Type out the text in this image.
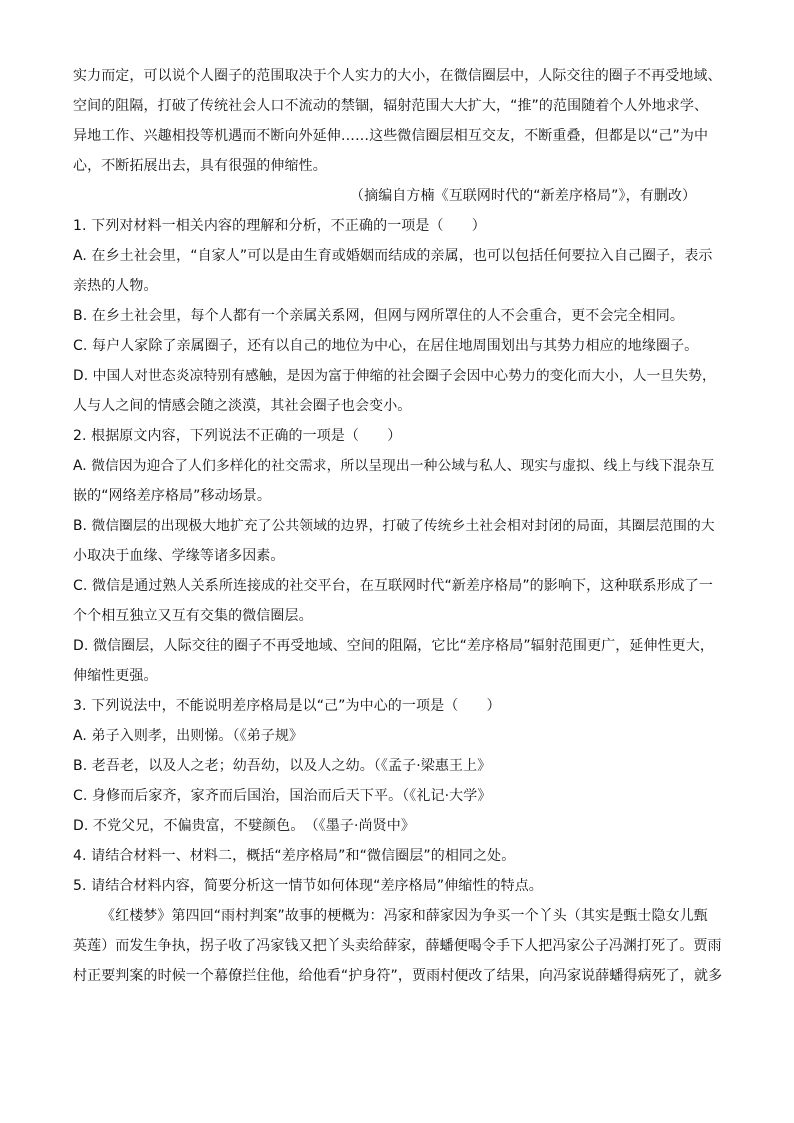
实力而定，可以说个人圈子的范围取决于个人实力的大小，在微信圈层中，人际交往的圈子不再受地域、
空间的阻隔，打破了传统社会人口不流动的禁锢，辐射范围大大扩大，“推”的范围随着个人外地求学、
异地工作、兴趣相投等机遇而不断向外延伸……这些微信圈层相互交友，不断重叠，但都是以“己”为中
心，不断拓展出去，具有很强的伸缩性。
（摘编自方楠《互联网时代的“新差序格局”》，有删改）
1. 下列对材料一相关内容的理解和分析，不正确的一项是（　　）
A. 在乡土社会里，“自家人”可以是由生育或婚姻而结成的亲属，也可以包括任何要拉入自己圈子，表示
亲热的人物。
B. 在乡土社会里，每个人都有一个亲属关系网，但网与网所罩住的人不会重合，更不会完全相同。
C. 每户人家除了亲属圈子，还有以自己的地位为中心，在居住地周围划出与其势力相应的地缘圈子。
D. 中国人对世态炎凉特别有感触，是因为富于伸缩的社会圈子会因中心势力的变化而大小，人一旦失势，
人与人之间的情感会随之淡漠，其社会圈子也会变小。
2. 根据原文内容，下列说法不正确的一项是（　　）
A. 微信因为迎合了人们多样化的社交需求，所以呈现出一种公域与私人、现实与虚拟、线上与线下混杂互
嵌的“网络差序格局”移动场景。
B. 微信圈层的出现极大地扩充了公共领域的边界，打破了传统乡土社会相对封闭的局面，其圈层范围的大
小取决于血缘、学缘等诸多因素。
C. 微信是通过熟人关系所连接成的社交平台，在互联网时代“新差序格局”的影响下，这种联系形成了一
个个相互独立又互有交集的微信圈层。
D. 微信圈层，人际交往的圈子不再受地域、空间的阻隔，它比“差序格局”辐射范围更广，延伸性更大，
伸缩性更强。
3. 下列说法中，不能说明差序格局是以“己”为中心的一项是（　　）
A. 弟子入则孝，出则悌。（《弟子规》
B. 老吾老，以及人之老；幼吾幼，以及人之幼。（《孟子·梁惠王上》
C. 身修而后家齐，家齐而后国治，国治而后天下平。（《礼记·大学》
D. 不党父兄，不偏贵富，不嬖颜色。　（《墨子·尚贤中》
4. 请结合材料一、材料二，概括“差序格局”和“微信圈层”的相同之处。
5. 请结合材料内容，简要分析这一情节如何体现“差序格局”伸缩性的特点。
《红楼梦》第四回“雨村判案”故事的梗概为：冯家和薛家因为争买一个丫头（其实是甄士隐女儿甄
英莲）而发生争执，拐子收了冯家钱又把丫头卖给薛家，薛蟠便喝令手下人把冯家公子冯渊打死了。贾雨
村正要判案的时候一个幕僚拦住他，给他看“护身符”，贾雨村便改了结果，向冯家说薛蟠得病死了，就多
